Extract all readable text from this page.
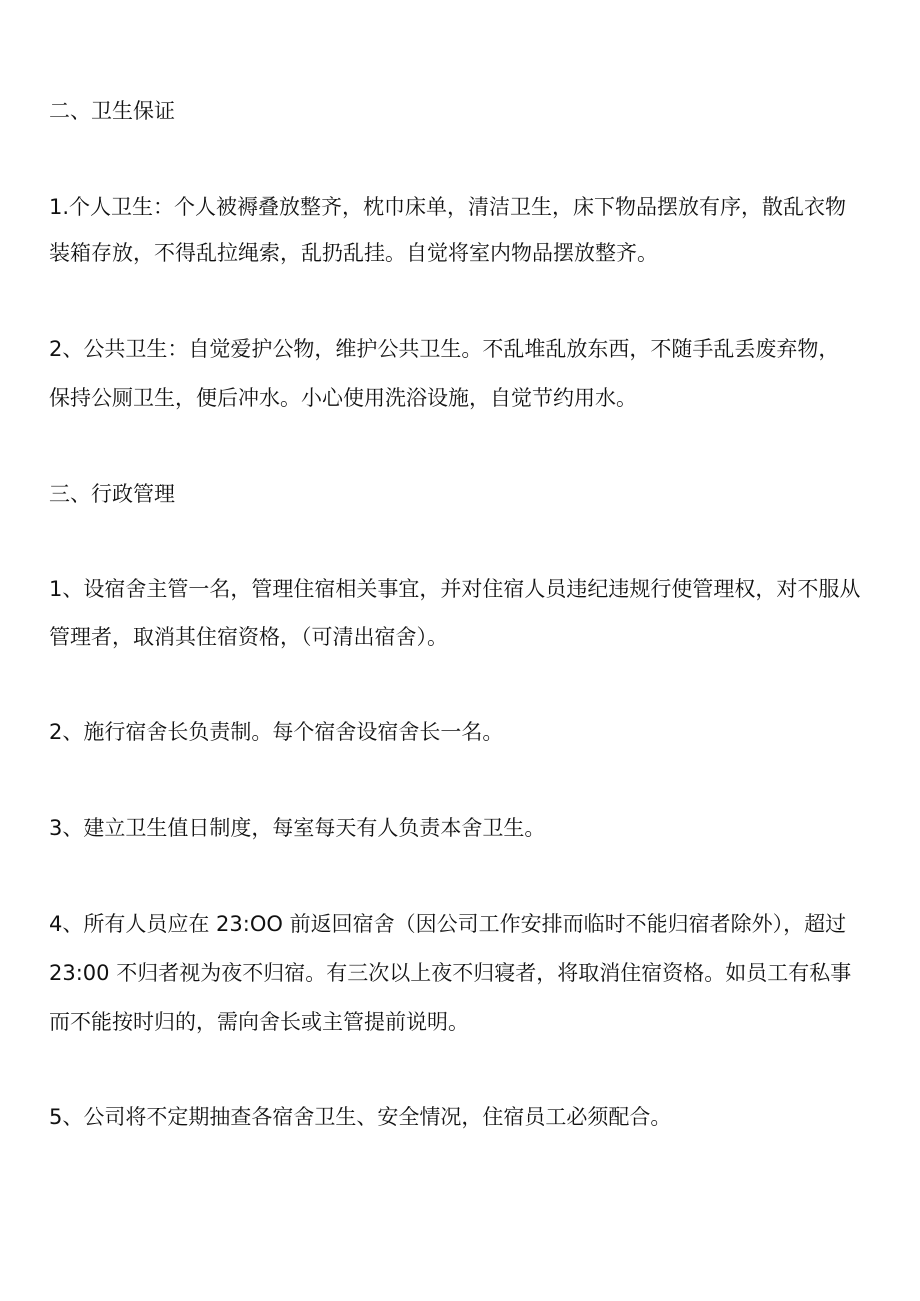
二、卫生保证

1.个人卫生：个人被褥叠放整齐，枕巾床单，清洁卫生，床下物品摆放有序，散乱衣物

装箱存放，不得乱拉绳索，乱扔乱挂。自觉将室内物品摆放整齐。

2、公共卫生：自觉爱护公物，维护公共卫生。不乱堆乱放东西，不随手乱丢废弃物，

保持公厕卫生，便后冲水。小心使用洗浴设施，自觉节约用水。

三、行政管理

1、设宿舍主管一名，管理住宿相关事宜，并对住宿人员违纪违规行使管理权，对不服从

管理者，取消其住宿资格，（可清出宿舍）。

2、施行宿舍长负责制。每个宿舍设宿舍长一名。

3、建立卫生值日制度，每室每天有人负责本舍卫生。

4、所有人员应在 23:OO 前返回宿舍（因公司工作安排而临时不能归宿者除外），超过

23:00 不归者视为夜不归宿。有三次以上夜不归寝者，将取消住宿资格。如员工有私事

而不能按时归的，需向舍长或主管提前说明。

5、公司将不定期抽查各宿舍卫生、安全情况，住宿员工必须配合。
